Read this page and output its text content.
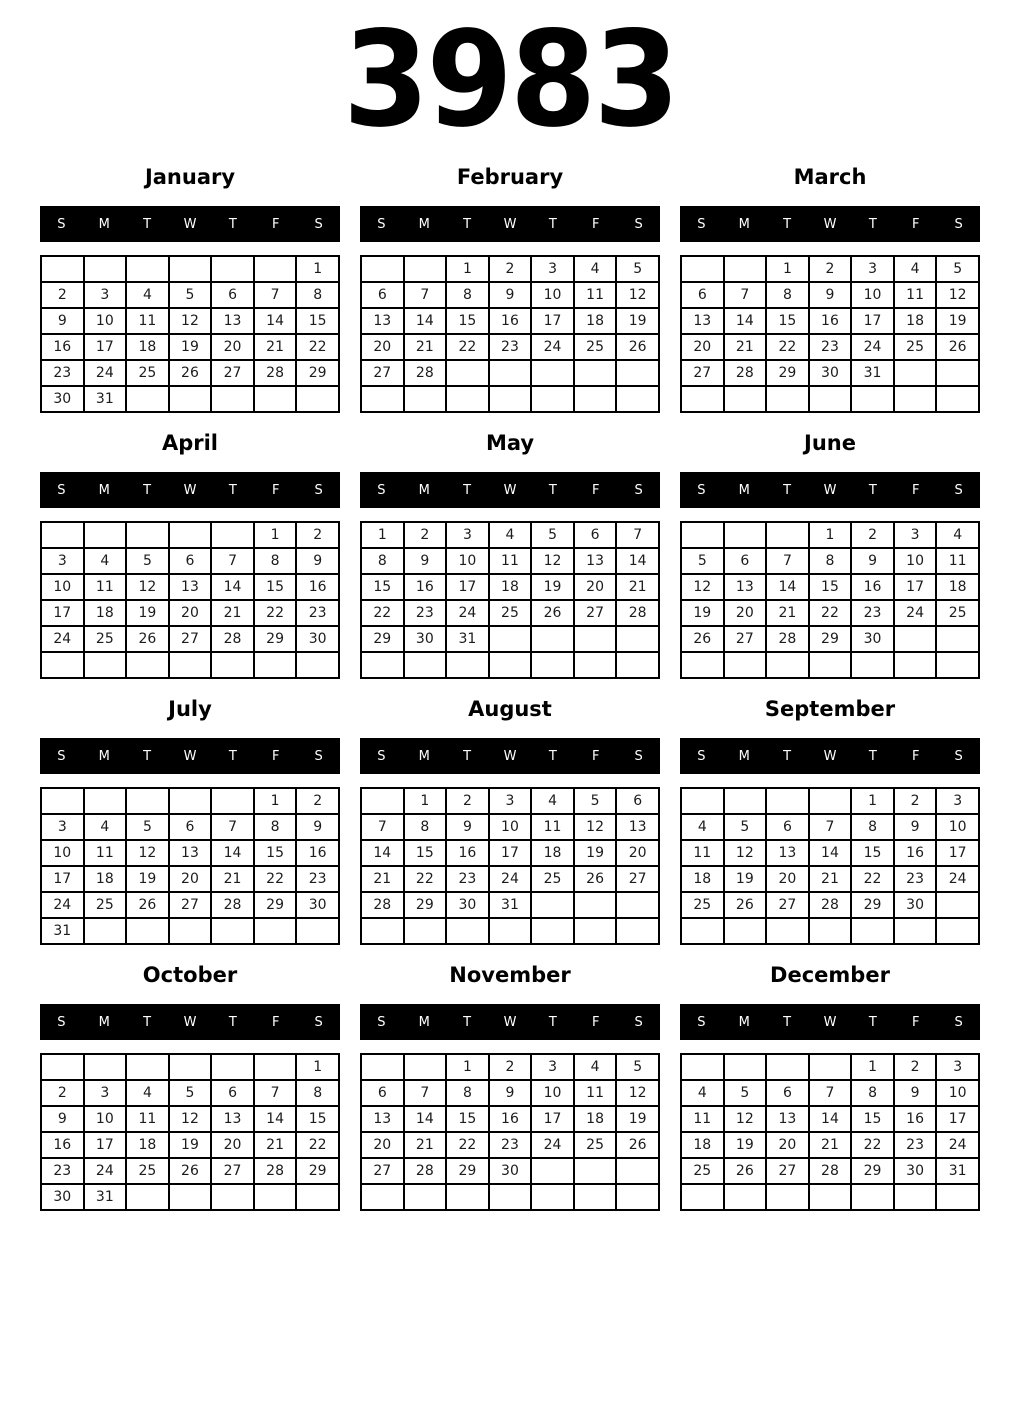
3983
January
S	M	T	W	T	F	S
						1
2	3	4	5	6	7	8
9	10	11	12	13	14	15
16	17	18	19	20	21	22
23	24	25	26	27	28	29
30	31					
February
S	M	T	W	T	F	S
		1	2	3	4	5
6	7	8	9	10	11	12
13	14	15	16	17	18	19
20	21	22	23	24	25	26
27	28					

March
S	M	T	W	T	F	S
		1	2	3	4	5
6	7	8	9	10	11	12
13	14	15	16	17	18	19
20	21	22	23	24	25	26
27	28	29	30	31		

April
S	M	T	W	T	F	S
					1	2
3	4	5	6	7	8	9
10	11	12	13	14	15	16
17	18	19	20	21	22	23
24	25	26	27	28	29	30

May
S	M	T	W	T	F	S
1	2	3	4	5	6	7
8	9	10	11	12	13	14
15	16	17	18	19	20	21
22	23	24	25	26	27	28
29	30	31				

June
S	M	T	W	T	F	S
			1	2	3	4
5	6	7	8	9	10	11
12	13	14	15	16	17	18
19	20	21	22	23	24	25
26	27	28	29	30		

July
S	M	T	W	T	F	S
					1	2
3	4	5	6	7	8	9
10	11	12	13	14	15	16
17	18	19	20	21	22	23
24	25	26	27	28	29	30
31						
August
S	M	T	W	T	F	S
	1	2	3	4	5	6
7	8	9	10	11	12	13
14	15	16	17	18	19	20
21	22	23	24	25	26	27
28	29	30	31			

September
S	M	T	W	T	F	S
				1	2	3
4	5	6	7	8	9	10
11	12	13	14	15	16	17
18	19	20	21	22	23	24
25	26	27	28	29	30	

October
S	M	T	W	T	F	S
						1
2	3	4	5	6	7	8
9	10	11	12	13	14	15
16	17	18	19	20	21	22
23	24	25	26	27	28	29
30	31					
November
S	M	T	W	T	F	S
		1	2	3	4	5
6	7	8	9	10	11	12
13	14	15	16	17	18	19
20	21	22	23	24	25	26
27	28	29	30			

December
S	M	T	W	T	F	S
				1	2	3
4	5	6	7	8	9	10
11	12	13	14	15	16	17
18	19	20	21	22	23	24
25	26	27	28	29	30	31
